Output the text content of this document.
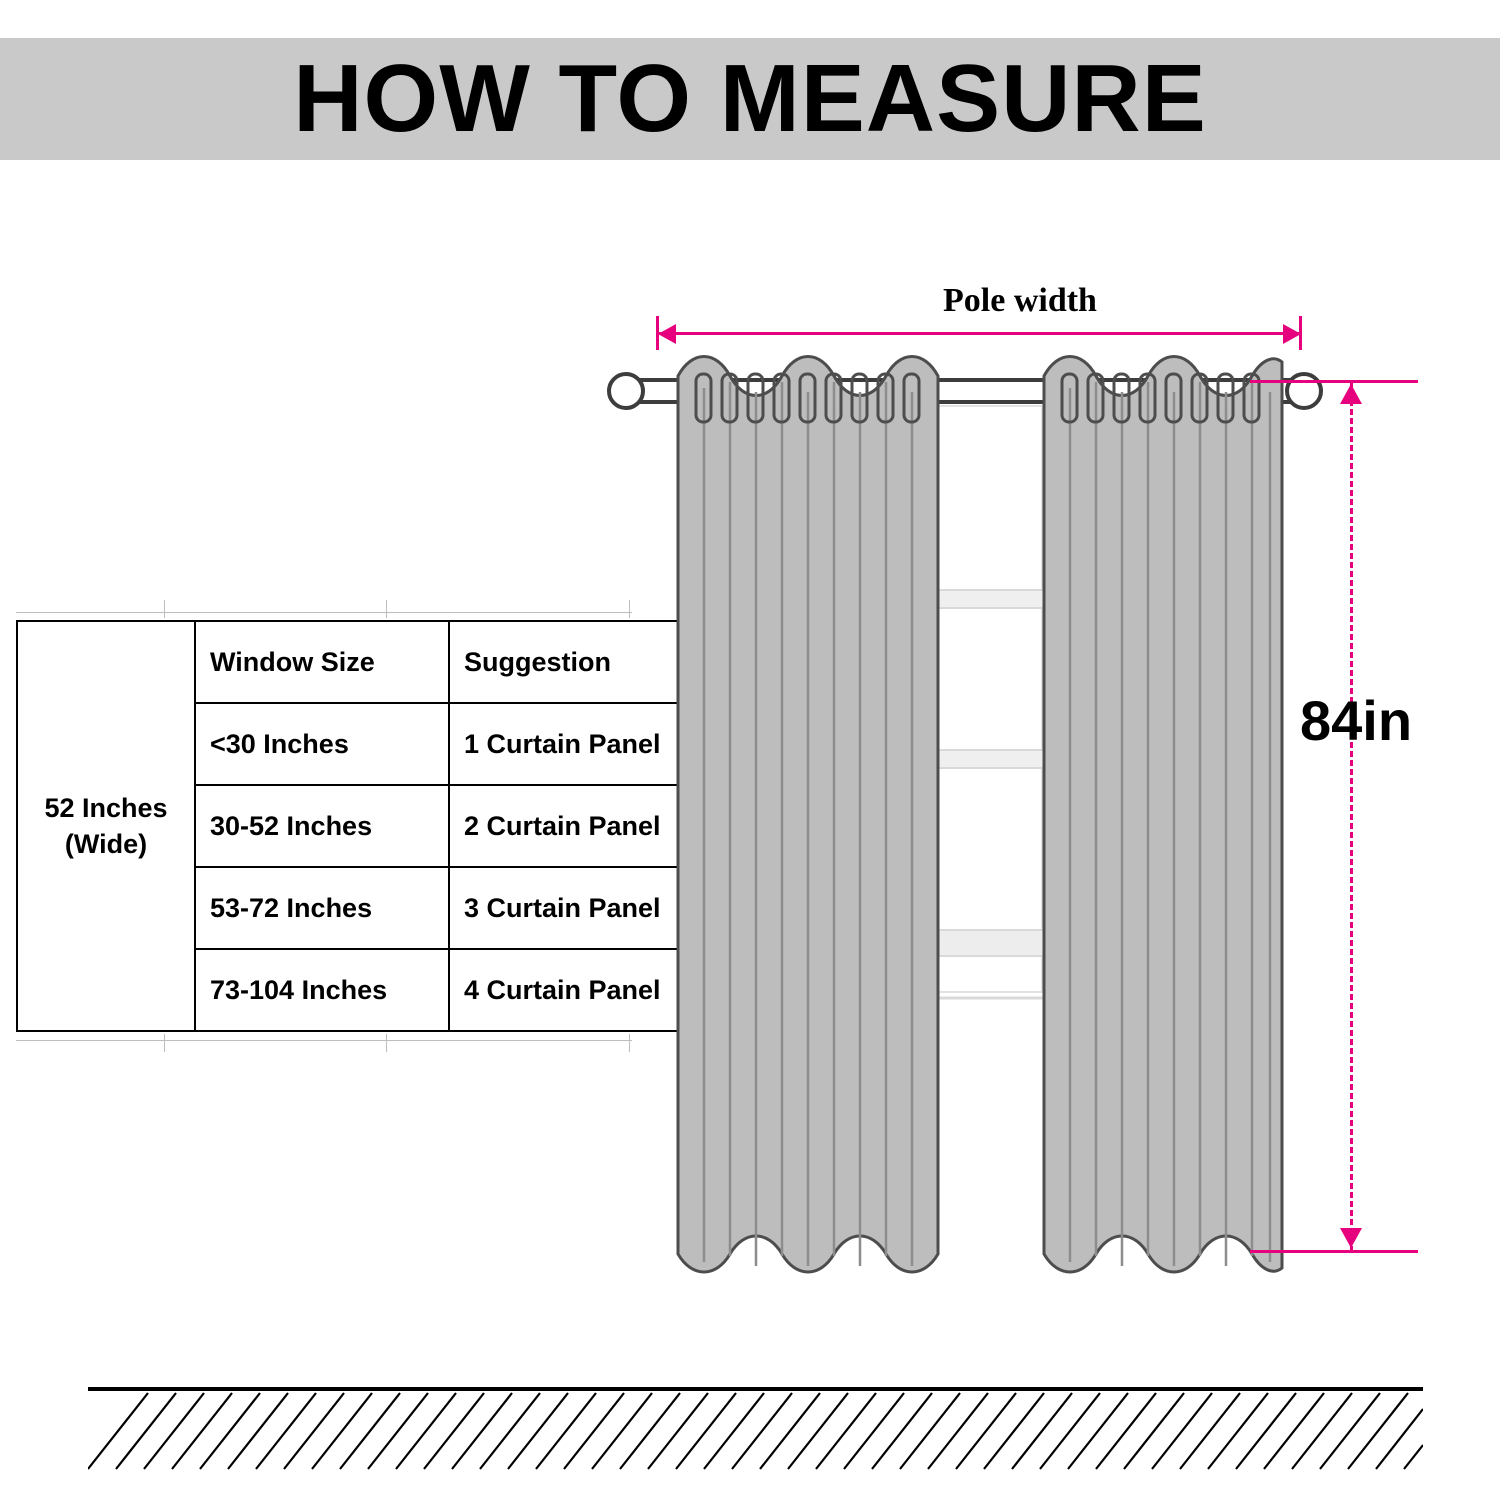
HOW TO MEASURE
52 Inches
(Wide)	Window Size	Suggestion
	<30 Inches	1 Curtain Panel
	30-52 Inches	2 Curtain Panel
	53-72 Inches	3 Curtain Panel
	73-104 Inches	4 Curtain Panel
Pole width
84in
